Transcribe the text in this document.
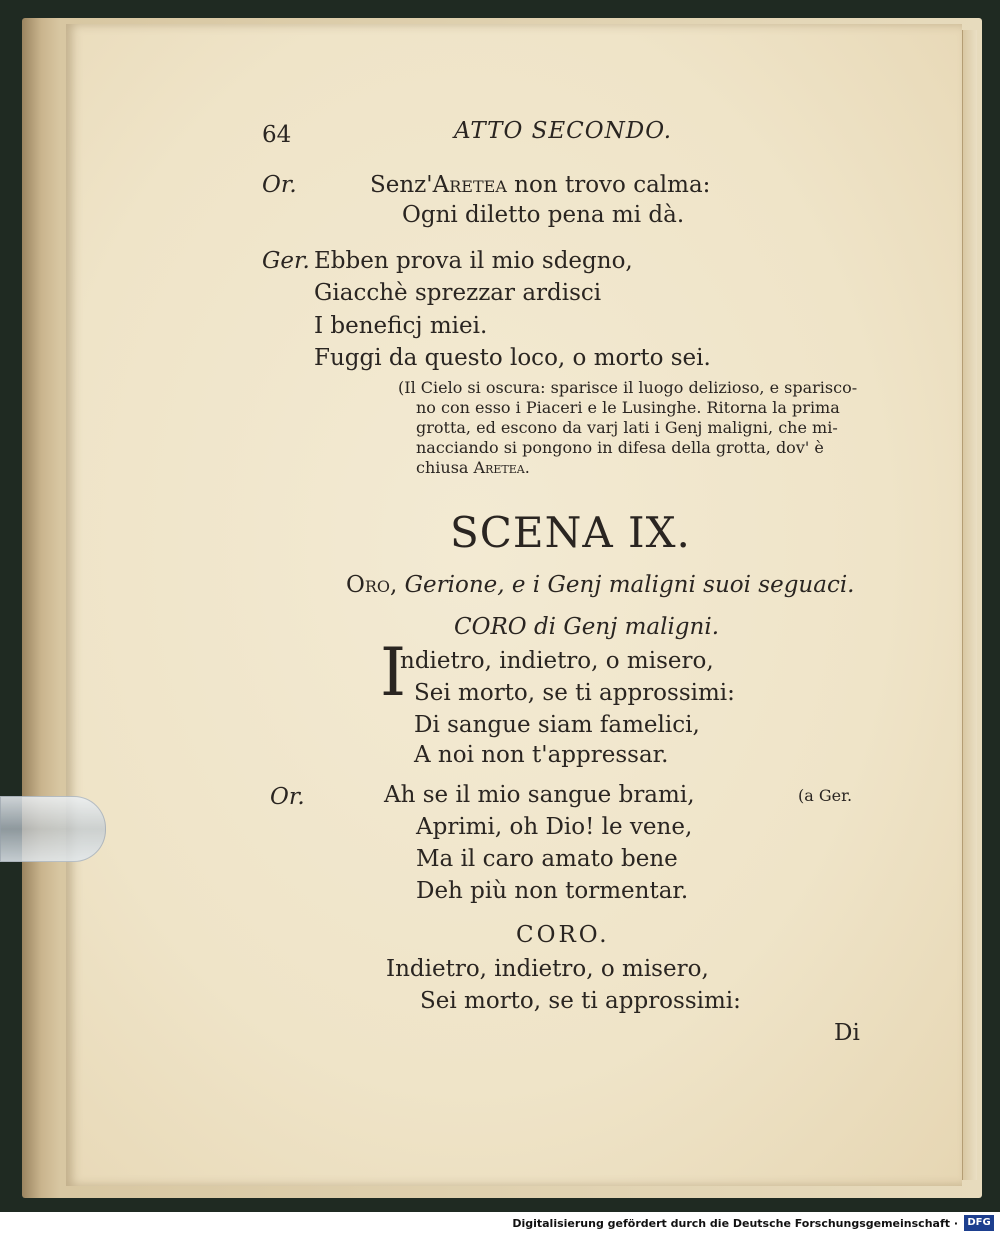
64	ATTO SECONDO.
Or.	Senz'Aretea non trovo calma:
Ogni diletto pena mi dà.
Ger. Ebben prova il mio sdegno,
Giacchè sprezzar ardisci
I beneficj miei.
Fuggi da questo loco, o morto sei.
(Il Cielo si oscura: sparisce il luogo delizioso, e spariscο-
no con esso i Piaceri e le Lusinghe. Ritorna la prima
grotta, ed escono da varj lati i Genj maligni, che mi-
nacciando si pongono in difesa della grotta, dov' è
chiusa Aretea.
SCENA IX.
Oro, Gerione, e i Genj maligni suoi seguaci.
CORO di Genj maligni.
I
ndietro, indietro, o misero,
Sei morto, se ti approssimi:
Di sangue siam famelici,
A noi non t'appressar.
Or.	Ah se il mio sangue brami,	(a Ger.
Aprimi, oh Dio! le vene,
Ma il caro amato bene
Deh più non tormentar.
CORO.
Indietro, indietro, o misero,
Sei morto, se ti approssimi:
Di
Digitalisierung gefördert durch die Deutsche Forschungsgemeinschaft · DFG
